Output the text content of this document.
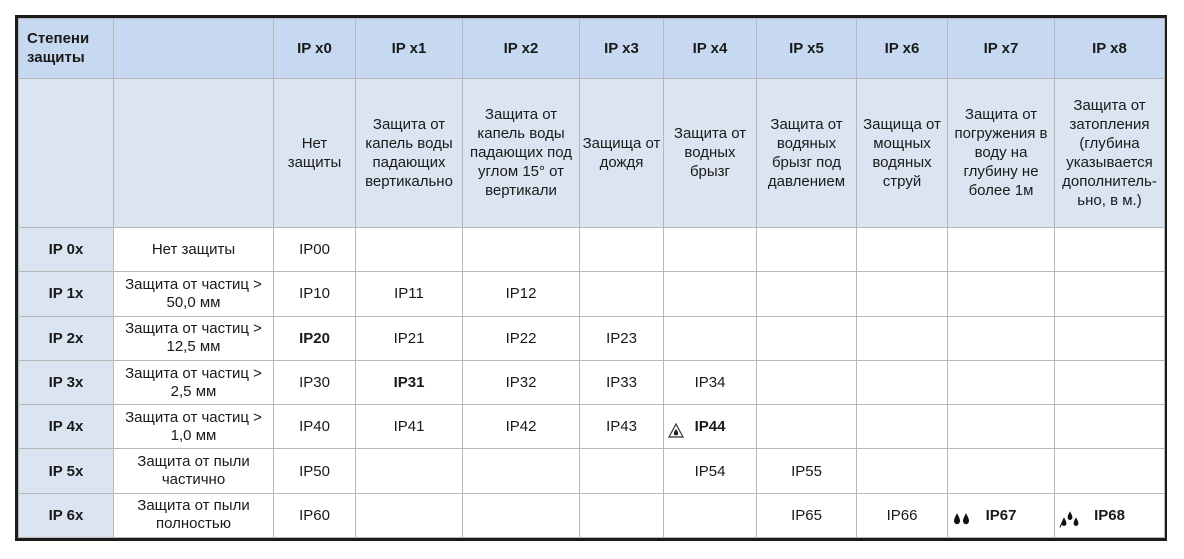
Степени защиты		IP x0	IP x1	IP x2	IP x3	IP x4	IP x5	IP x6	IP x7	IP x8
		Нет защиты	Защита от капель воды падающих вертикально	Защита от капель воды падающих под углом 15° от вертикали	Защища от дождя	Защита от водных брызг	Защита от водяных брызг под давлением	Защища от мощных водяных струй	Защита от погружения в воду на глубину не более 1м	Защита от затопления (глубина указывается дополнитель-ьно, в м.)
IP 0x	Нет защиты	IP00								
IP 1x	Защита от частиц > 50,0 мм	IP10	IP11	IP12						
IP 2x	Защита от частиц > 12,5 мм	IP20	IP21	IP22	IP23					
IP 3x	Защита от частиц > 2,5 мм	IP30	IP31	IP32	IP33	IP34				
IP 4x	Защита от частиц > 1,0 мм	IP40	IP41	IP42	IP43	IP44				
IP 5x	Защита от пыли частично	IP50				IP54	IP55			
IP 6x	Защита от пыли полностью	IP60					IP65	IP66	IP67	IP68
